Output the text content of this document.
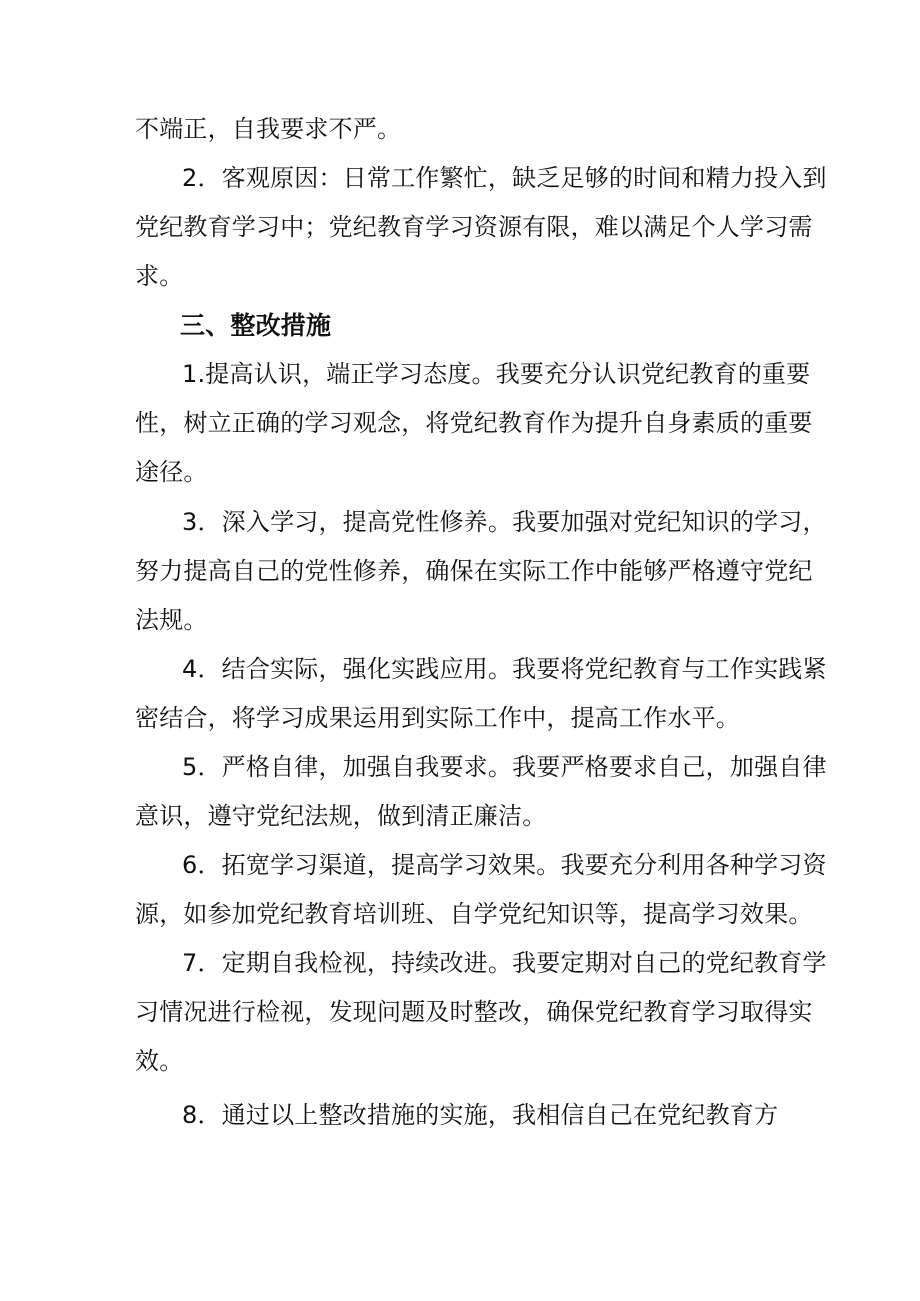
不端正，自我要求不严。
2．客观原因：日常工作繁忙，缺乏足够的时间和精力投入到
党纪教育学习中；党纪教育学习资源有限，难以满足个人学习需
求。
三、整改措施
1.提高认识，端正学习态度。我要充分认识党纪教育的重要
性，树立正确的学习观念，将党纪教育作为提升自身素质的重要
途径。
3．深入学习，提高党性修养。我要加强对党纪知识的学习，
努力提高自己的党性修养，确保在实际工作中能够严格遵守党纪
法规。
4．结合实际，强化实践应用。我要将党纪教育与工作实践紧
密结合，将学习成果运用到实际工作中，提高工作水平。
5．严格自律，加强自我要求。我要严格要求自己，加强自律
意识，遵守党纪法规，做到清正廉洁。
6．拓宽学习渠道，提高学习效果。我要充分利用各种学习资
源，如参加党纪教育培训班、自学党纪知识等，提高学习效果。
7．定期自我检视，持续改进。我要定期对自己的党纪教育学
习情况进行检视，发现问题及时整改，确保党纪教育学习取得实
效。
8．通过以上整改措施的实施，我相信自己在党纪教育方
